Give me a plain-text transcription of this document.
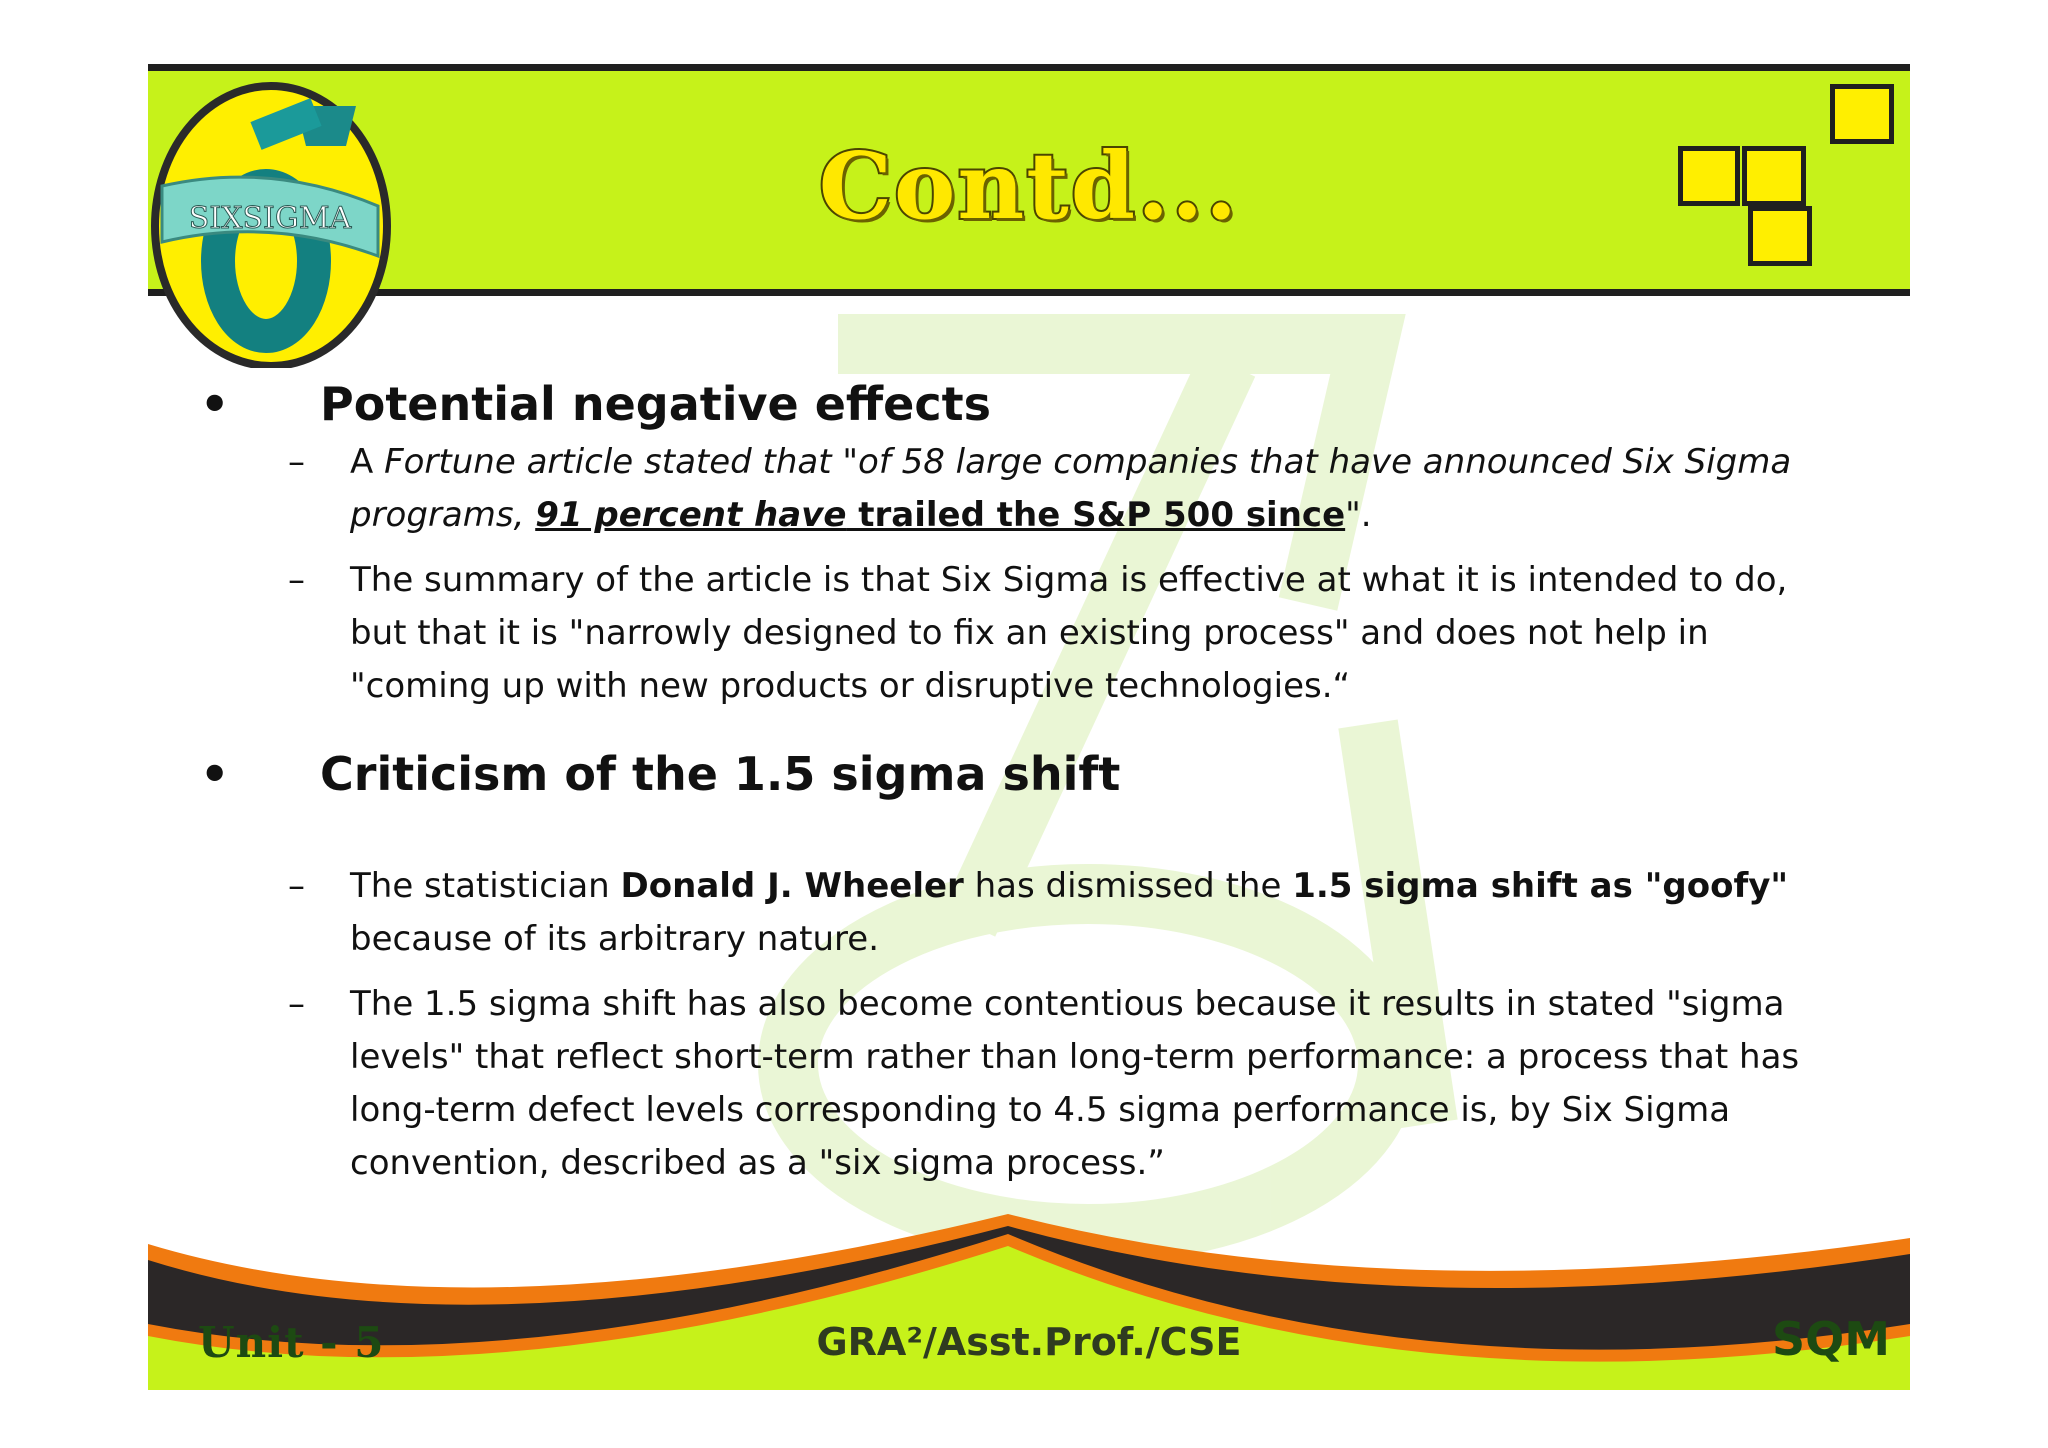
Contd...
SIXSIGMA
• Potential negative effects
– A Fortune article stated that "of 58 large companies that have announced Six Sigma programs, 91 percent have trailed the S&P 500 since".
– The summary of the article is that Six Sigma is effective at what it is intended to do, but that it is "narrowly designed to fix an existing process" and does not help in "coming up with new products or disruptive technologies.“
• Criticism of the 1.5 sigma shift
– The statistician Donald J. Wheeler has dismissed the 1.5 sigma shift as "goofy" because of its arbitrary nature.
– The 1.5 sigma shift has also become contentious because it results in stated "sigma levels" that reflect short-term rather than long-term performance: a process that has long-term defect levels corresponding to 4.5 sigma performance is, by Six Sigma convention, described as a "six sigma process.”
Unit - 5	GRA²/Asst.Prof./CSE	SQM
